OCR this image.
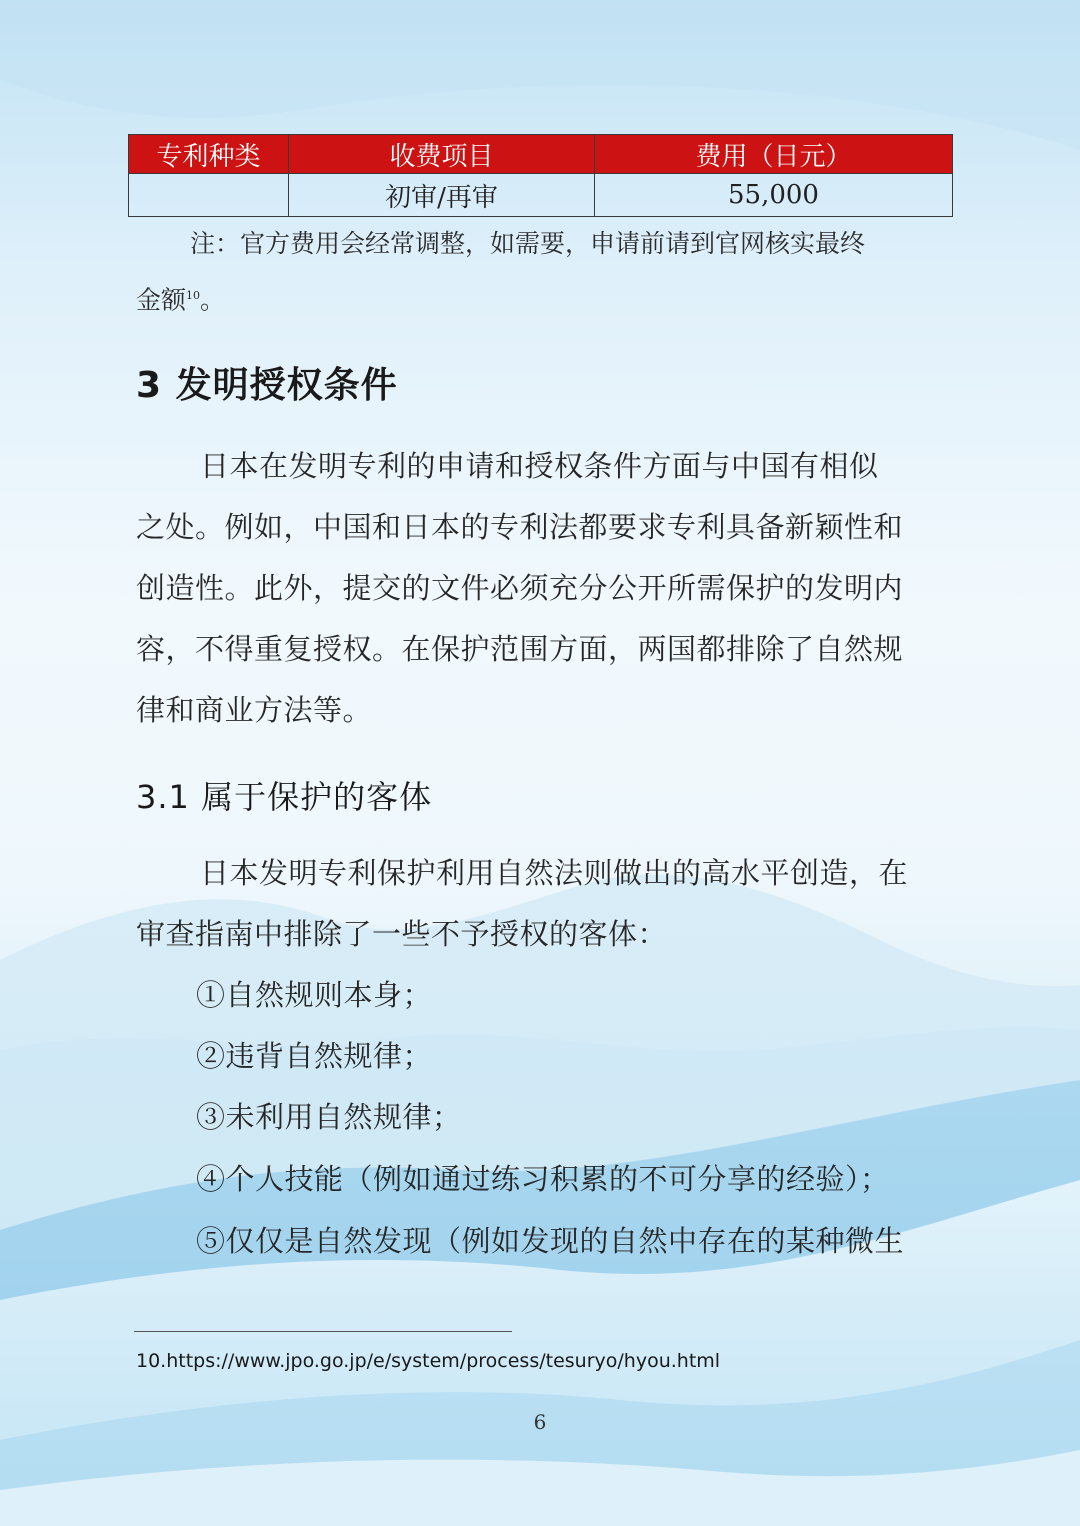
专利种类	收费项目	费用（日元）
	初审/再审	55,000

注：官方费用会经常调整，如需要，申请前请到官网核实最终

金额$^{10}$。

3 发明授权条件

日本在发明专利的申请和授权条件方面与中国有相似

之处。例如，中国和日本的专利法都要求专利具备新颖性和

创造性。此外，提交的文件必须充分公开所需保护的发明内

容，不得重复授权。在保护范围方面，两国都排除了自然规

律和商业方法等。

3.1 属于保护的客体

日本发明专利保护利用自然法则做出的高水平创造，在

审查指南中排除了一些不予授权的客体：

①自然规则本身；

②违背自然规律；

③未利用自然规律；

④个人技能（例如通过练习积累的不可分享的经验）；

⑤仅仅是自然发现（例如发现的自然中存在的某种微生

10.https://www.jpo.go.jp/e/system/process/tesuryo/hyou.html

6
